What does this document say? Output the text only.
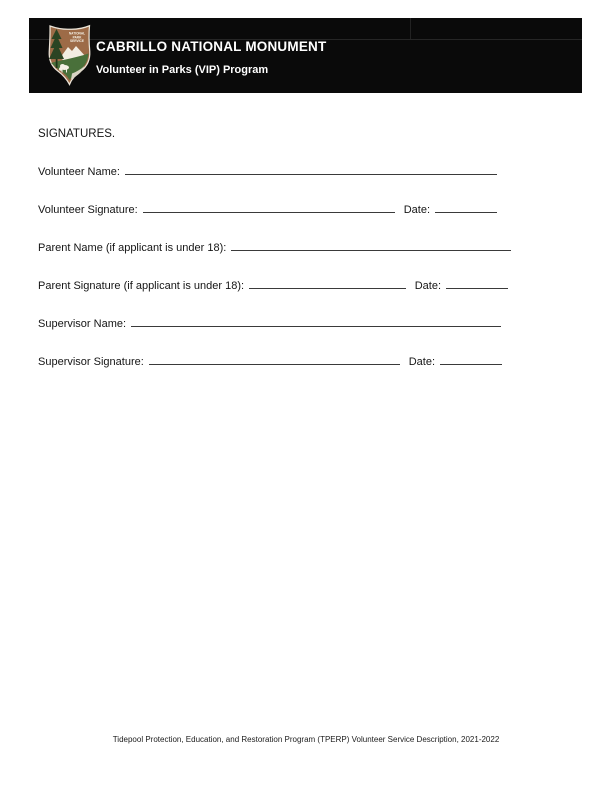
NATIONAL
PARK
SERVICE CABRILLO NATIONAL MONUMENT
Volunteer in Parks (VIP) Program
SIGNATURES.
Volunteer Name:
Volunteer Signature:	Date:
Parent Name (if applicant is under 18):
Parent Signature (if applicant is under 18):	Date:
Supervisor Name:
Supervisor Signature:	Date:
Tidepool Protection, Education, and Restoration Program (TPERP) Volunteer Service Description, 2021-2022
